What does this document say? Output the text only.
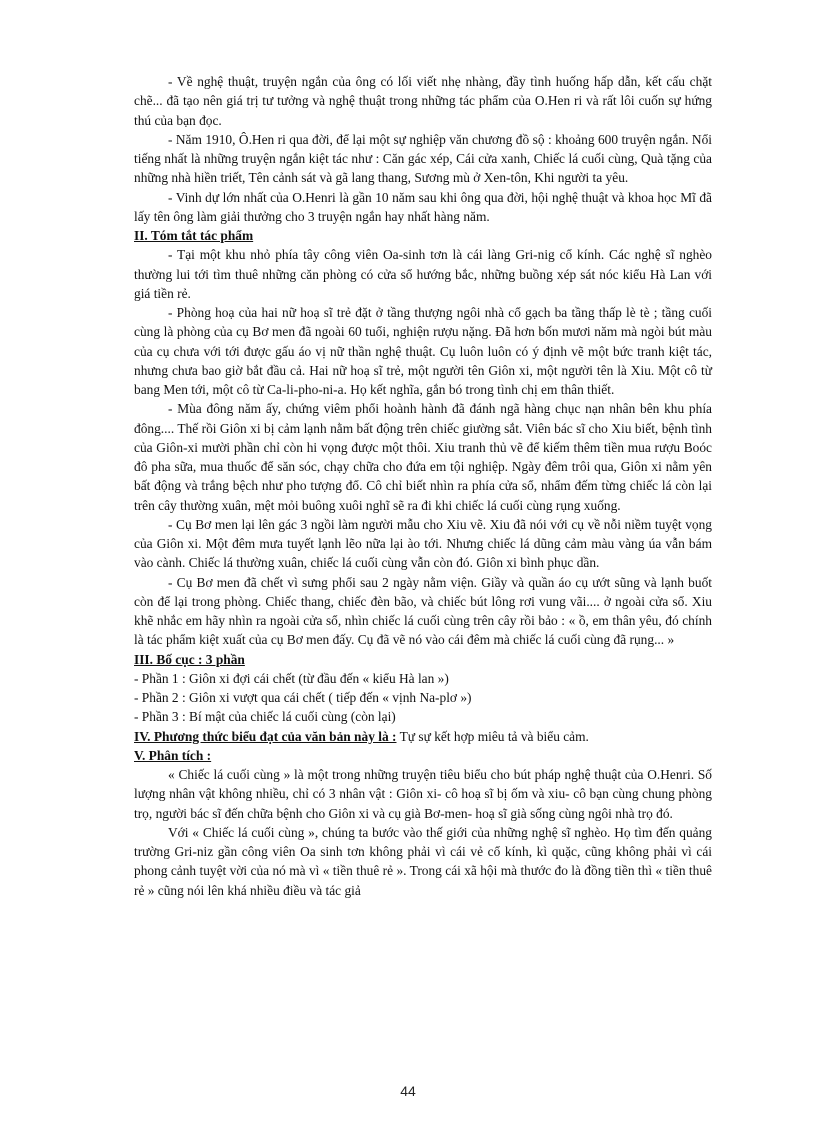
- Về nghệ thuật, truyện ngắn của ông có lối viết nhẹ nhàng, đầy tình huống hấp dẫn, kết cấu chặt chẽ... đã tạo nên giá trị tư tưởng và nghệ thuật trong những tác phẩm của O.Hen ri và rất lôi cuốn sự hứng thú của bạn đọc.

- Năm 1910, Ô.Hen ri qua đời, để lại một sự nghiệp văn chương đồ sộ : khoảng 600 truyện ngắn. Nổi tiếng nhất là những truyện ngắn kiệt tác như : Căn gác xép, Cái cửa xanh, Chiếc lá cuối cùng, Quà tặng của những nhà hiền triết, Tên cảnh sát và gã lang thang, Sương mù ở Xen-tôn, Khi người ta yêu.

- Vinh dự lớn nhất của O.Henri là gần 10 năm sau khi ông qua đời, hội nghệ thuật và khoa học Mĩ đã lấy tên ông làm giải thưởng cho 3 truyện ngắn hay nhất hàng năm.

II. Tóm tắt tác phẩm

- Tại một khu nhỏ phía tây công viên Oa-sinh tơn là cái làng Gri-nig cổ kính. Các nghệ sĩ nghèo thường lui tới tìm thuê những căn phòng có cửa sổ hướng bắc, những buồng xép sát nóc kiểu Hà Lan với giá tiền rẻ.

- Phòng hoạ của hai nữ hoạ sĩ trẻ đặt ở tầng thượng ngôi nhà cổ gạch ba tầng thấp lè tè ; tầng cuối cùng là phòng của cụ Bơ men đã ngoài 60 tuổi, nghiện rượu nặng. Đã hơn bốn mươi năm mà ngòi bút màu của cụ chưa với tới được gấu áo vị nữ thần nghệ thuật. Cụ luôn luôn có ý định vẽ một bức tranh kiệt tác, nhưng chưa bao giờ bắt đầu cả. Hai nữ hoạ sĩ trẻ, một người tên Giôn xi, một người tên là Xiu. Một cô từ bang Men tới, một cô từ Ca-li-pho-ni-a. Họ kết nghĩa, gắn bó trong tình chị em thân thiết.

- Mùa đông năm ấy, chứng viêm phổi hoành hành đã đánh ngã hàng chục nạn nhân bên khu phía đông.... Thế rồi Giôn xi bị cảm lạnh nằm bất động trên chiếc giường sắt. Viên bác sĩ cho Xiu biết, bệnh tình của Giôn-xi mười phần chỉ còn hi vọng được một thôi. Xiu tranh thủ vẽ để kiếm thêm tiền mua rượu Boóc đô pha sữa, mua thuốc để săn sóc, chạy chữa cho đứa em tội nghiệp. Ngày đêm trôi qua, Giôn xi nằm yên bất động và trắng bệch như pho tượng đổ. Cô chỉ biết nhìn ra phía cửa sổ, nhẩm đếm từng chiếc lá còn lại trên cây thường xuân, mệt mỏi buông xuôi nghĩ sẽ ra đi khi chiếc lá cuối cùng rụng xuống.

- Cụ Bơ men lại lên gác 3 ngồi làm người mẫu cho Xiu vẽ. Xiu đã nói với cụ về nỗi niềm tuyệt vọng của Giôn xi. Một đêm mưa tuyết lạnh lẽo nữa lại ào tới. Nhưng chiếc lá dũng cảm màu vàng úa vẫn bám vào cành. Chiếc lá thường xuân, chiếc lá cuối cùng vẫn còn đó. Giôn xi bình phục dần.

- Cụ Bơ men đã chết vì sưng phổi sau 2 ngày nằm viện. Giầy và quần áo cụ ướt sũng và lạnh buốt còn để lại trong phòng. Chiếc thang, chiếc đèn bão, và chiếc bút lông rơi vung vãi.... ở ngoài cửa sổ. Xiu khẽ nhắc em hãy nhìn ra ngoài cửa sổ, nhìn chiếc lá cuối cùng trên cây rồi bảo : « ồ, em thân yêu, đó chính là tác phẩm kiệt xuất của cụ Bơ men đấy. Cụ đã vẽ nó vào cái đêm mà chiếc lá cuối cùng đã rụng... »

III. Bố cục : 3 phần

- Phần 1 : Giôn xi đợi cái chết (từ đầu đến « kiểu Hà lan »)

- Phần 2 : Giôn xi vượt qua cái chết ( tiếp đến « vịnh Na-plơ »)

- Phần 3 : Bí mật của chiếc lá cuối cùng (còn lại)

IV. Phương thức biểu đạt của văn bản này là : Tự sự kết hợp miêu tả và biểu cảm.

V. Phân tích :

« Chiếc lá cuối cùng » là một trong những truyện tiêu biểu cho bút pháp nghệ thuật của O.Henri. Số lượng nhân vật không nhiều, chỉ có 3 nhân vật : Giôn xi- cô hoạ sĩ bị ốm và xiu- cô bạn cùng chung phòng trọ, người bác sĩ đến chữa bệnh cho Giôn xi và cụ già Bơ-men- hoạ sĩ già sống cùng ngôi nhà trọ đó.

Với « Chiếc lá cuối cùng », chúng ta bước vào thế giới của những nghệ sĩ nghèo. Họ tìm đến quảng trường Gri-niz gần công viên Oa sinh tơn không phải vì cái vẻ cổ kính, kì quặc, cũng không phải vì cái phong cảnh tuyệt vời của nó mà vì « tiền thuê rẻ ». Trong cái xã hội mà thước đo là đồng tiền thì « tiền thuê rẻ » cũng nói lên khá nhiều điều và tác giả

44
